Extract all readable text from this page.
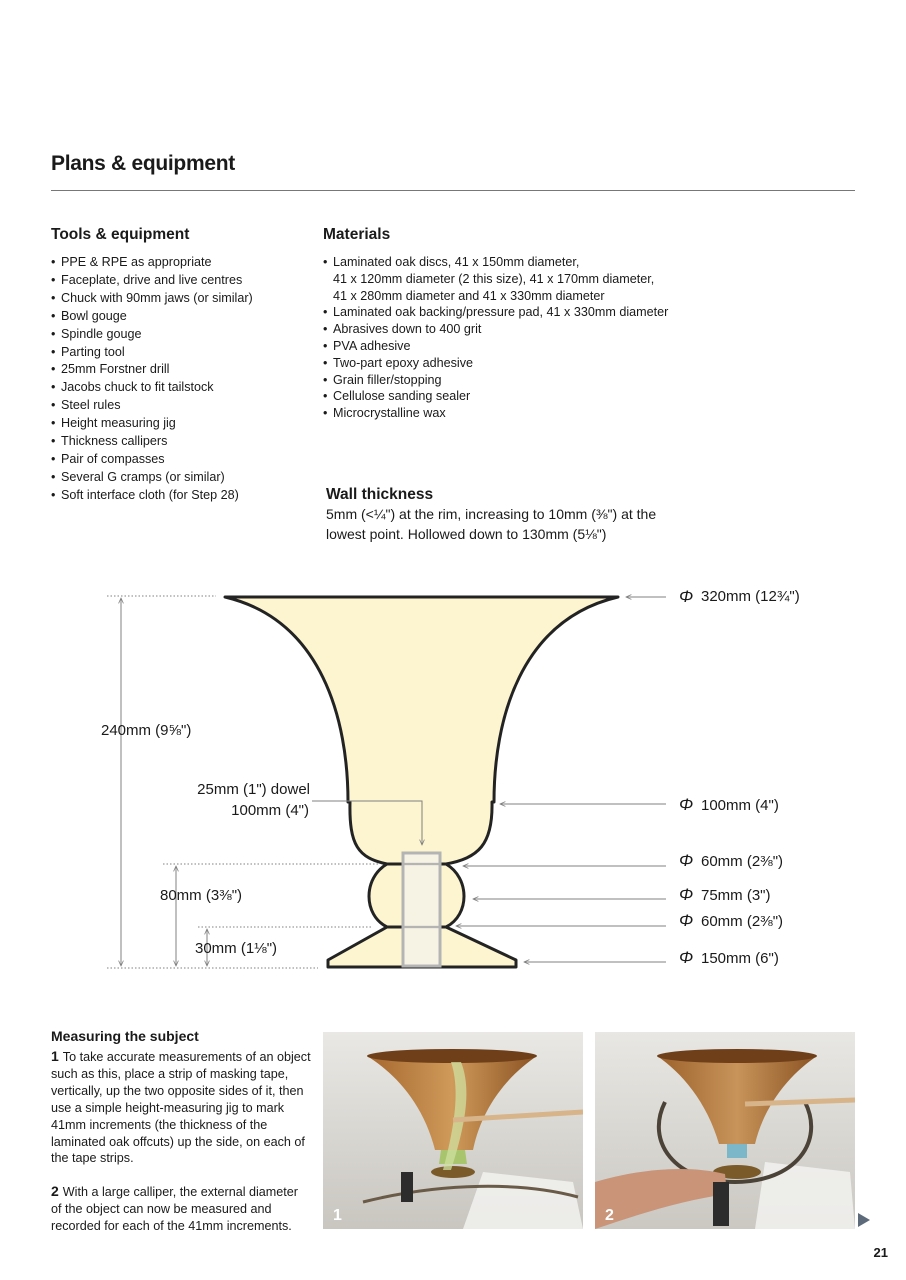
Plans & equipment
Tools & equipment
• PPE & RPE as appropriate
• Faceplate, drive and live centres
• Chuck with 90mm jaws (or similar)
• Bowl gouge
• Spindle gouge
• Parting tool
• 25mm Forstner drill
• Jacobs chuck to fit tailstock
• Steel rules
• Height measuring jig
• Thickness callipers
• Pair of compasses
• Several G cramps (or similar)
• Soft interface cloth (for Step 28)
Materials
• Laminated oak discs, 41 x 150mm diameter,
41 x 120mm diameter (2 this size), 41 x 170mm diameter,
41 x 280mm diameter and 41 x 330mm diameter
• Laminated oak backing/pressure pad, 41 x 330mm diameter
• Abrasives down to 400 grit
• PVA adhesive
• Two-part epoxy adhesive
• Grain filler/stopping
• Cellulose sanding sealer
• Microcrystalline wax
Wall thickness
5mm (<¼") at the rim, increasing to 10mm (⅜") at the lowest point. Hollowed down to 130mm (5⅛")
240mm (9⅝")
80mm (3⅜")
30mm (1⅛")
25mm (1") dowel
100mm (4")
Φ
Φ
Φ
Φ
Φ
Φ
320mm (12¾")
100mm (4")
60mm (2⅜")
75mm (3")
60mm (2⅜")
150mm (6")
Measuring the subject

1 To take accurate measurements of an object such as this, place a strip of masking tape, vertically, up the two opposite sides of it, then use a simple height-measuring jig to mark 41mm increments (the thickness of the laminated oak offcuts) up the side, on each of the tape strips.

2 With a large calliper, the external diameter of the object can now be measured and recorded for each of the 41mm increments.

1	2
21
